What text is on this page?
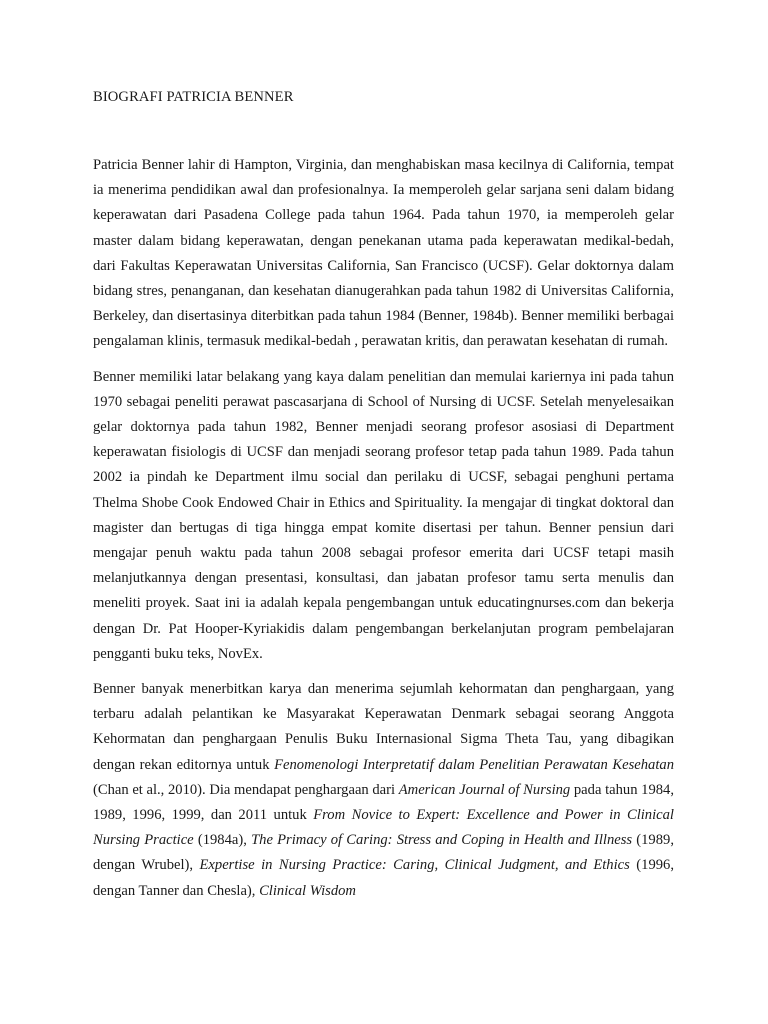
BIOGRAFI PATRICIA BENNER

Patricia Benner lahir di Hampton, Virginia, dan menghabiskan masa kecilnya di California, tempat ia menerima pendidikan awal dan profesionalnya. Ia memperoleh gelar sarjana seni dalam bidang keperawatan dari Pasadena College pada tahun 1964. Pada tahun 1970, ia memperoleh gelar master dalam bidang keperawatan, dengan penekanan utama pada keperawatan medikal-bedah, dari Fakultas Keperawatan Universitas California, San Francisco (UCSF). Gelar doktornya dalam bidang stres, penanganan, dan kesehatan dianugerahkan pada tahun 1982 di Universitas California, Berkeley, dan disertasinya diterbitkan pada tahun 1984 (Benner, 1984b). Benner memiliki berbagai pengalaman klinis, termasuk medikal-bedah , perawatan kritis, dan perawatan kesehatan di rumah.

Benner memiliki latar belakang yang kaya dalam penelitian dan memulai kariernya ini pada tahun 1970 sebagai peneliti perawat pascasarjana di School of Nursing di UCSF. Setelah menyelesaikan gelar doktornya pada tahun 1982, Benner menjadi seorang profesor asosiasi di Department keperawatan fisiologis di UCSF dan menjadi seorang profesor tetap pada tahun 1989. Pada tahun 2002 ia pindah ke Department ilmu social dan perilaku di UCSF, sebagai penghuni pertama Thelma Shobe Cook Endowed Chair in Ethics and Spirituality. Ia mengajar di tingkat doktoral dan magister dan bertugas di tiga hingga empat komite disertasi per tahun. Benner pensiun dari mengajar penuh waktu pada tahun 2008 sebagai profesor emerita dari UCSF tetapi masih melanjutkannya dengan presentasi, konsultasi, dan jabatan profesor tamu serta menulis dan meneliti proyek. Saat ini ia adalah kepala pengembangan untuk educatingnurses.com dan bekerja dengan Dr. Pat Hooper-Kyriakidis dalam pengembangan berkelanjutan program pembelajaran pengganti buku teks, NovEx.

Benner banyak menerbitkan karya dan menerima sejumlah kehormatan dan penghargaan, yang terbaru adalah pelantikan ke Masyarakat Keperawatan Denmark sebagai seorang Anggota Kehormatan dan penghargaan Penulis Buku Internasional Sigma Theta Tau, yang dibagikan dengan rekan editornya untuk Fenomenologi Interpretatif dalam Penelitian Perawatan Kesehatan (Chan et al., 2010). Dia mendapat penghargaan dari American Journal of Nursing pada tahun 1984, 1989, 1996, 1999, dan 2011 untuk From Novice to Expert: Excellence and Power in Clinical Nursing Practice (1984a), The Primacy of Caring: Stress and Coping in Health and Illness (1989, dengan Wrubel), Expertise in Nursing Practice: Caring, Clinical Judgment, and Ethics (1996, dengan Tanner dan Chesla), Clinical Wisdom
